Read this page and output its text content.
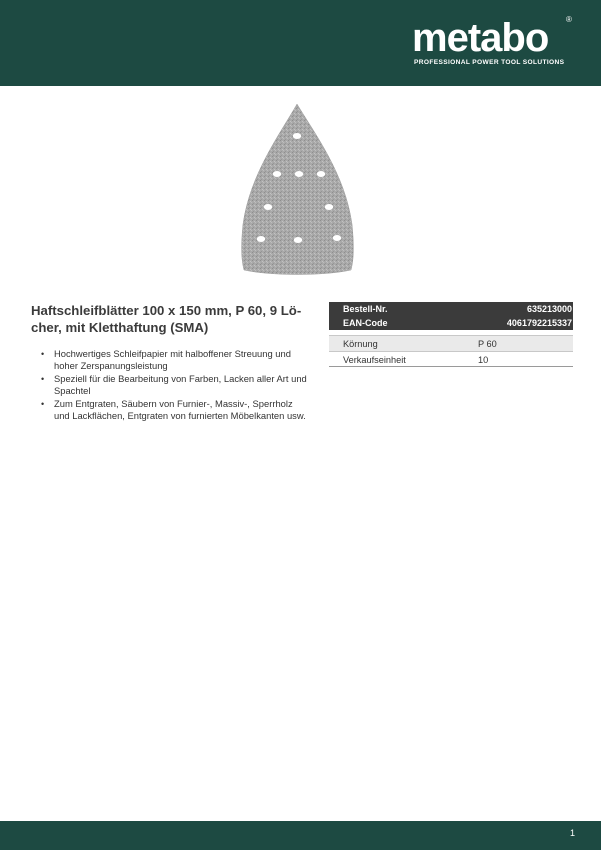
metabo ®
PROFESSIONAL POWER TOOL SOLUTIONS
Haftschleifblätter 100 x 150 mm, P 60, 9 Löcher, mit Kletthaftung (SMA)
• Hochwertiges Schleifpapier mit halboffener Streuung und hoher Zerspanungsleistung
• Speziell für die Bearbeitung von Farben, Lacken aller Art und Spachtel
• Zum Entgraten, Säubern von Furnier-, Massiv-, Sperrholz und Lackflächen, Entgraten von furnierten Möbelkanten usw.
Bestell-Nr.	635213000
EAN-Code	4061792215337
Körnung	P 60
Verkaufseinheit	10
1
